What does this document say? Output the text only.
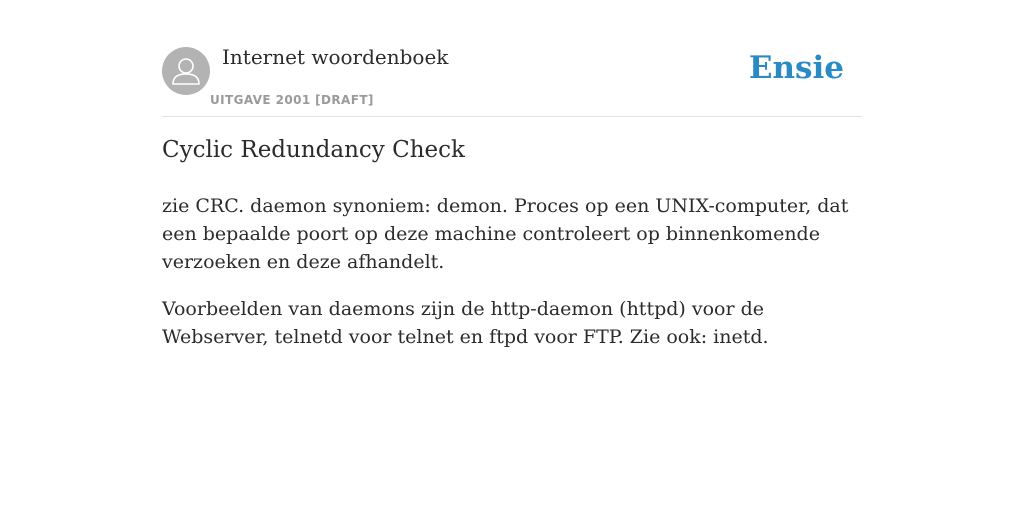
Internet woordenboek
UITGAVE 2001 [DRAFT]
Ensie
Cyclic Redundancy Check

zie CRC. daemon synoniem: demon. Proces op een UNIX-computer, dat een bepaalde poort op deze machine controleert op binnenkomende verzoeken en deze afhandelt.

Voorbeelden van daemons zijn de http-daemon (httpd) voor de Webserver, telnetd voor telnet en ftpd voor FTP. Zie ook: inetd.
